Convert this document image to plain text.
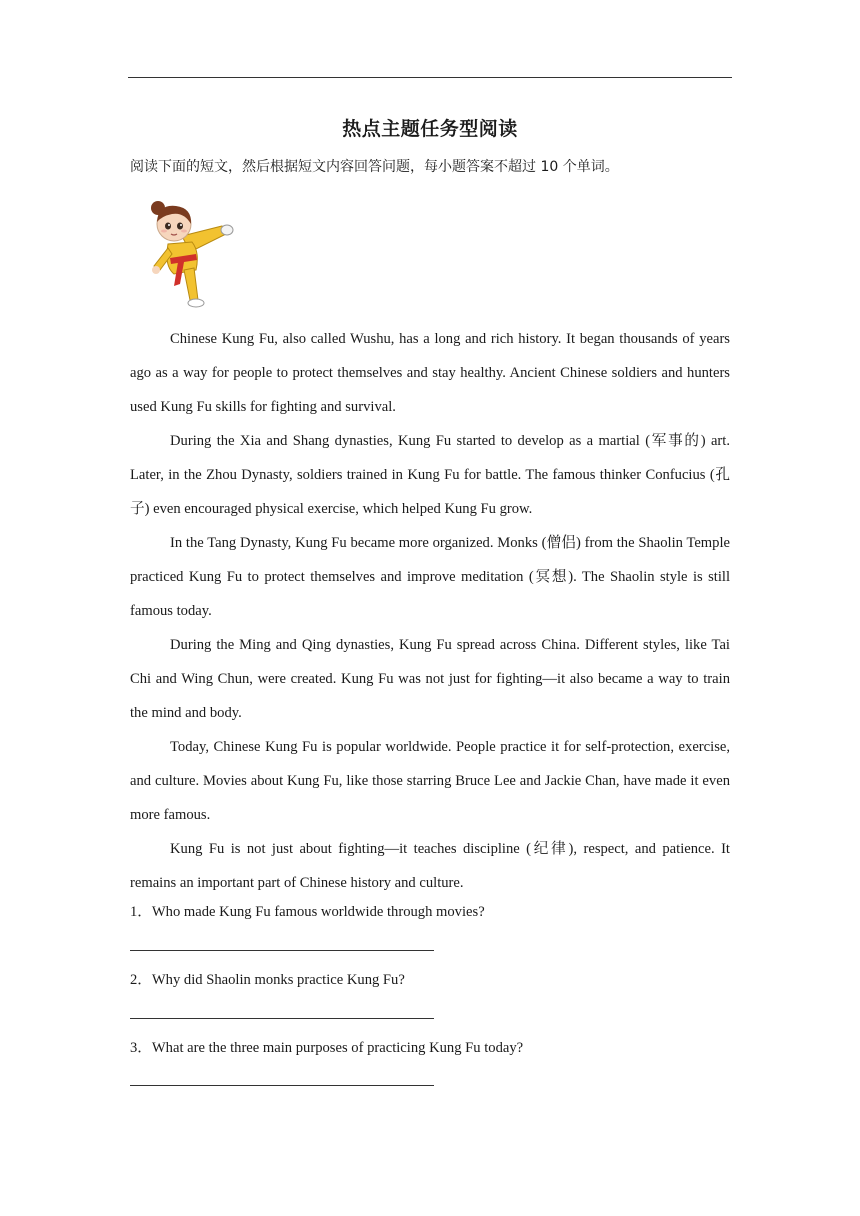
热点主题任务型阅读
阅读下面的短文，然后根据短文内容回答问题，每小题答案不超过 10 个单词。

Chinese Kung Fu, also called Wushu, has a long and rich history. It began thousands of years ago as a way for people to protect themselves and stay healthy. Ancient Chinese soldiers and hunters used Kung Fu skills for fighting and survival.

During the Xia and Shang dynasties, Kung Fu started to develop as a martial (军事的) art. Later, in the Zhou Dynasty, soldiers trained in Kung Fu for battle. The famous thinker Confucius (孔子) even encouraged physical exercise, which helped Kung Fu grow.

In the Tang Dynasty, Kung Fu became more organized. Monks (僧侣) from the Shaolin Temple practiced Kung Fu to protect themselves and improve meditation (冥想). The Shaolin style is still famous today.

During the Ming and Qing dynasties, Kung Fu spread across China. Different styles, like Tai Chi and Wing Chun, were created. Kung Fu was not just for fighting—it also became a way to train the mind and body.

Today, Chinese Kung Fu is popular worldwide. People practice it for self-protection, exercise, and culture. Movies about Kung Fu, like those starring Bruce Lee and Jackie Chan, have made it even more famous.

Kung Fu is not just about fighting—it teaches discipline (纪律), respect, and patience. It remains an important part of Chinese history and culture.

1．Who made Kung Fu famous worldwide through movies?
2．Why did Shaolin monks practice Kung Fu?
3．What are the three main purposes of practicing Kung Fu today?
